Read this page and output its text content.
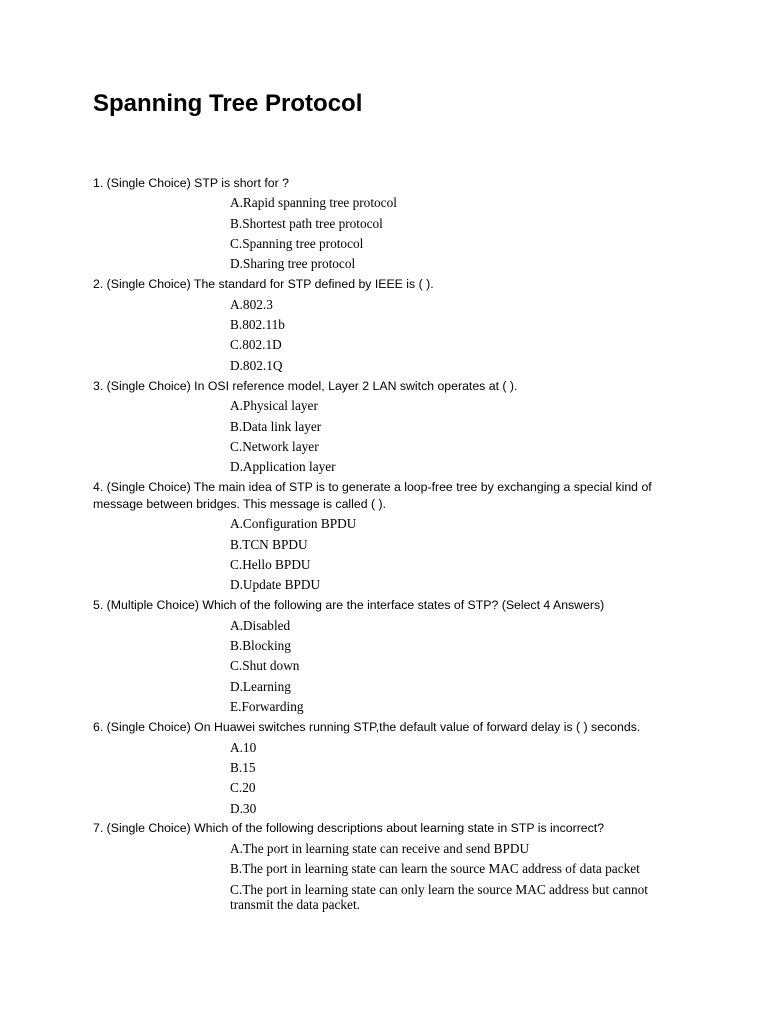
Spanning Tree Protocol
1. (Single Choice) STP is short for ?
A.Rapid spanning tree protocol
B.Shortest path tree protocol
C.Spanning tree protocol
D.Sharing tree protocol
2. (Single Choice) The standard for STP defined by IEEE is ( ).
A.802.3
B.802.11b
C.802.1D
D.802.1Q
3. (Single Choice) In OSI reference model, Layer 2 LAN switch operates at ( ).
A.Physical layer
B.Data link layer
C.Network layer
D.Application layer
4. (Single Choice) The main idea of STP is to generate a loop-free tree by exchanging a special kind of message between bridges. This message is called ( ).
A.Configuration BPDU
B.TCN BPDU
C.Hello BPDU
D.Update BPDU
5. (Multiple Choice) Which of the following are the interface states of STP? (Select 4 Answers)
A.Disabled
B.Blocking
C.Shut down
D.Learning
E.Forwarding
6. (Single Choice) On Huawei switches running STP,the default value of forward delay is ( ) seconds.
A.10
B.15
C.20
D.30
7. (Single Choice) Which of the following descriptions about learning state in STP is incorrect?
A.The port in learning state can receive and send BPDU
B.The port in learning state can learn the source MAC address of data packet
C.The port in learning state can only learn the source MAC address but cannot transmit the data packet.
